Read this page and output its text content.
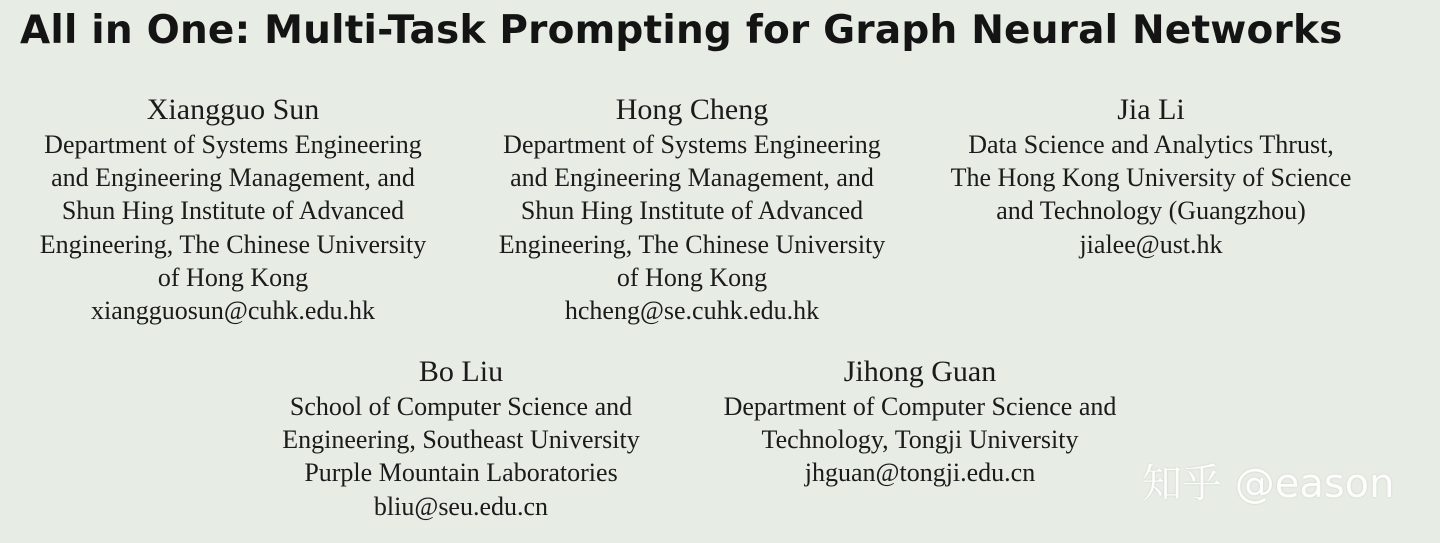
All in One: Multi-Task Prompting for Graph Neural Networks
Xiangguo Sun
Department of Systems Engineering
and Engineering Management, and
Shun Hing Institute of Advanced
Engineering, The Chinese University
of Hong Kong
xiangguosun@cuhk.edu.hk
Hong Cheng
Department of Systems Engineering
and Engineering Management, and
Shun Hing Institute of Advanced
Engineering, The Chinese University
of Hong Kong
hcheng@se.cuhk.edu.hk
Jia Li
Data Science and Analytics Thrust,
The Hong Kong University of Science
and Technology (Guangzhou)
jialee@ust.hk
Bo Liu
School of Computer Science and
Engineering, Southeast University
Purple Mountain Laboratories
bliu@seu.edu.cn
Jihong Guan
Department of Computer Science and
Technology, Tongji University
jhguan@tongji.edu.cn	知乎 @eason
